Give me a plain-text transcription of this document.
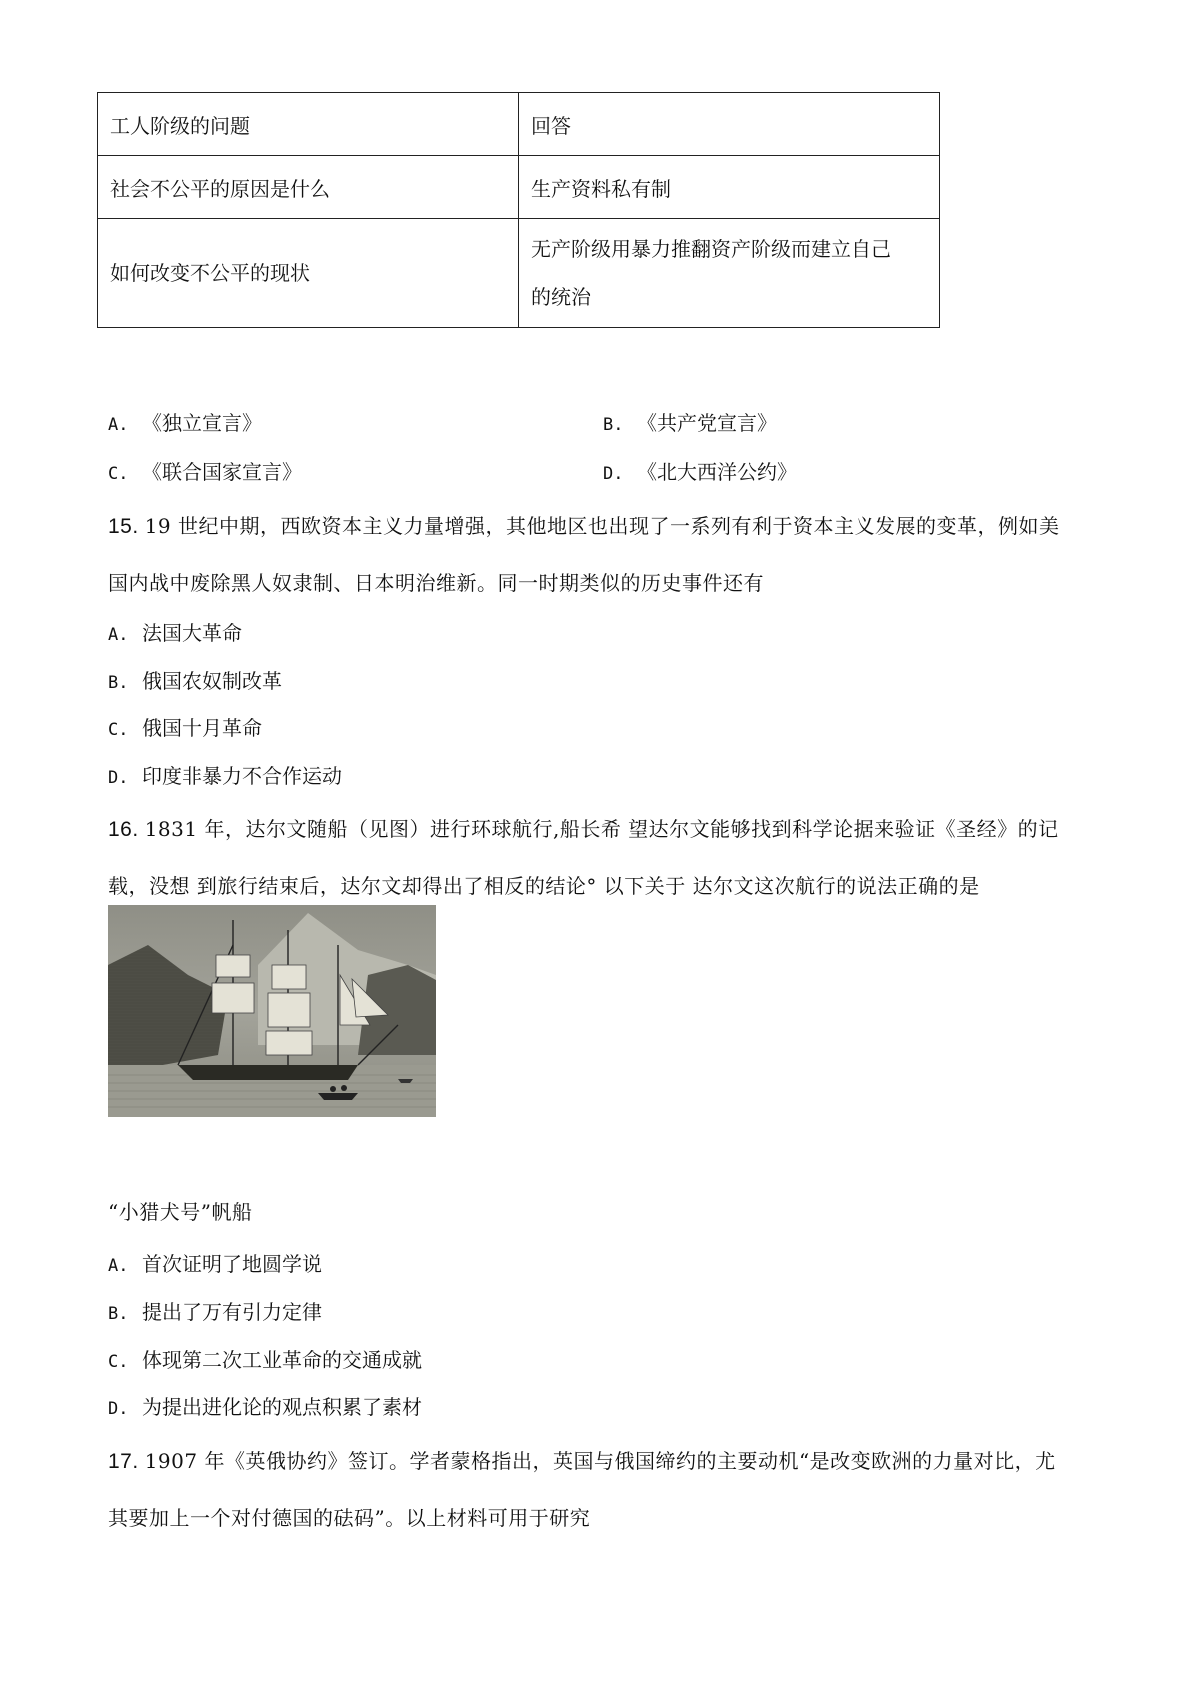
工人阶级的问题	回答
社会不公平的原因是什么	生产资料私有制
如何改变不公平的现状	无产阶级用暴力推翻资产阶级而建立自己的统治
A. 《独立宣言》	B. 《共产党宣言》
C. 《联合国家宣言》	D. 《北大西洋公约》
15. 19 世纪中期，西欧资本主义力量增强，其他地区也出现了一系列有利于资本主义发展的变革，例如美
国内战中废除黑人奴隶制、日本明治维新。同一时期类似的历史事件还有
A. 法国大革命
B. 俄国农奴制改革
C. 俄国十月革命
D. 印度非暴力不合作运动
16. 1831 年，达尔文随船（见图）进行环球航行,船长希 望达尔文能够找到科学论据来验证《圣经》的记
载，没想 到旅行结束后，达尔文却得出了相反的结论° 以下关于 达尔文这次航行的说法正确的是
“小猎犬号”帆船
A. 首次证明了地圆学说
B. 提出了万有引力定律
C. 体现第二次工业革命的交通成就
D. 为提出进化论的观点积累了素材
17. 1907 年《英俄协约》签订。学者蒙格指出，英国与俄国缔约的主要动机“是改变欧洲的力量对比，尤
其要加上一个对付德国的砝码”。以上材料可用于研究
